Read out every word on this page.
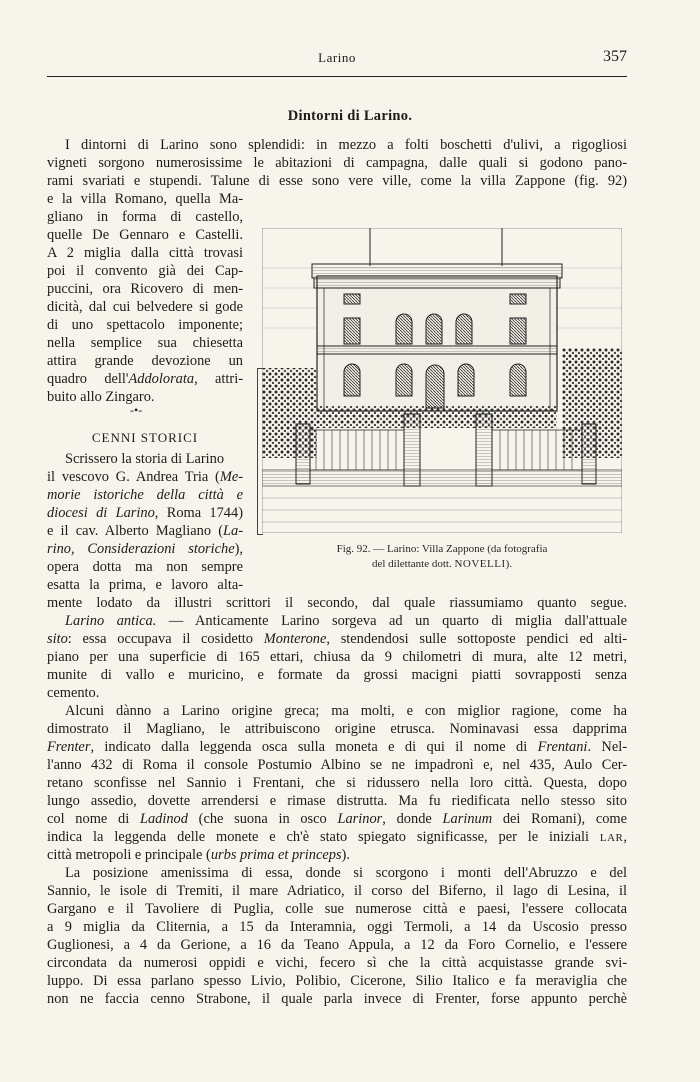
Larino	357
Dintorni di Larino.
I dintorni di Larino sono splendidi: in mezzo a folti boschetti d'ulivi, a rigogliosi
vigneti sorgono numerosissime le abitazioni di campagna, dalle quali si godono pano-
rami svariati e stupendi. Talune di esse sono vere ville, come la villa Zappone (fig. 92)
e la villa Romano, quella Ma-
gliano in forma di castello,
quelle De Gennaro e Castelli.
A 2 miglia dalla città trovasi
poi il convento già dei Cap-
puccini, ora Ricovero di men-
dicità, dal cui belvedere si gode
di uno spettacolo imponente;
nella semplice sua chiesetta
attira grande devozione un
quadro dell'Addolorata, attri-
buito allo Zingaro.
-•-
CENNI STORICI
Scrissero la storia di Larino
il vescovo G. Andrea Tria (Me-
morie istoriche della città e
diocesi di Larino, Roma 1744)
e il cav. Alberto Magliano (La-
rino, Considerazioni storiche),
opera dotta ma non sempre
esatta la prima, e lavoro alta-
Fig. 92. — Larino: Villa Zappone (da fotografia
del dilettante dott. NOVELLI).
mente lodato da illustri scrittori il secondo, dal quale riassumiamo quanto segue.
Larino antica. — Anticamente Larino sorgeva ad un quarto di miglia dall'attuale
sito: essa occupava il cosidetto Monterone, stendendosi sulle sottoposte pendici ed alti-
piano per una superficie di 165 ettari, chiusa da 9 chilometri di mura, alte 12 metri,
munite di vallo e muricino, e formate da grossi macigni piatti sovrapposti senza
cemento.
Alcuni dànno a Larino origine greca; ma molti, e con miglior ragione, come ha
dimostrato il Magliano, le attribuiscono origine etrusca. Nominavasi essa dapprima
Frenter, indicato dalla leggenda osca sulla moneta e di qui il nome di Frentani. Nel-
l'anno 432 di Roma il console Postumio Albino se ne impadronì e, nel 435, Aulo Cer-
retano sconfisse nel Sannio i Frentani, che si ridussero nella loro città. Questa, dopo
lungo assedio, dovette arrendersi e rimase distrutta. Ma fu riedificata nello stesso sito
col nome di Ladinod (che suona in osco Larinor, donde Larinum dei Romani), come
indica la leggenda delle monete e ch'è stato spiegato significasse, per le iniziali LAR,
città metropoli e principale (urbs prima et princeps).
La posizione amenissima di essa, donde si scorgono i monti dell'Abruzzo e del
Sannio, le isole di Tremiti, il mare Adriatico, il corso del Biferno, il lago di Lesina, il
Gargano e il Tavoliere di Puglia, colle sue numerose città e paesi, l'essere collocata
a 9 miglia da Cliternia, a 15 da Interamnia, oggi Termoli, a 14 da Uscosio presso
Guglionesi, a 4 da Gerione, a 16 da Teano Appula, a 12 da Foro Cornelio, e l'essere
circondata da numerosi oppidi e vichi, fecero sì che la città acquistasse grande svi-
luppo. Di essa parlano spesso Livio, Polibio, Cicerone, Silio Italico e fa meraviglia che
non ne faccia cenno Strabone, il quale parla invece di Frenter, forse appunto perchè
